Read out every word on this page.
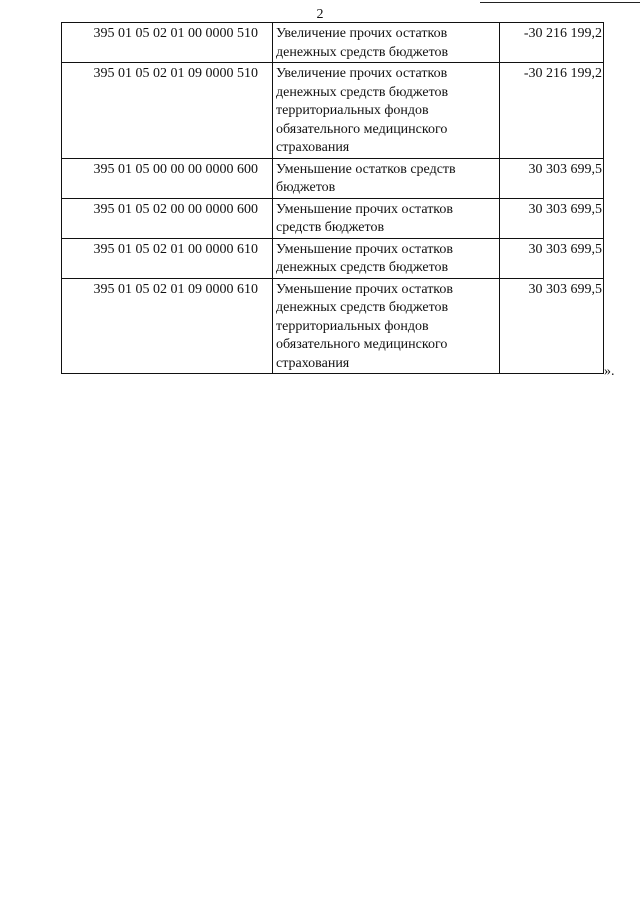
2
395 01 05 02 01 00 0000 510	Увеличение прочих остатков денежных средств бюджетов	-30 216 199,2
395 01 05 02 01 09 0000 510	Увеличение прочих остатков денежных средств бюджетов территориальных фондов обязательного медицинского страхования	-30 216 199,2
395 01 05 00 00 00 0000 600	Уменьшение остатков средств бюджетов	30 303 699,5
395 01 05 02 00 00 0000 600	Уменьшение прочих остатков средств бюджетов	30 303 699,5
395 01 05 02 01 00 0000 610	Уменьшение прочих остатков денежных средств бюджетов	30 303 699,5
395 01 05 02 01 09 0000 610	Уменьшение прочих остатков денежных средств бюджетов территориальных фондов обязательного медицинского страхования	30 303 699,5
».
